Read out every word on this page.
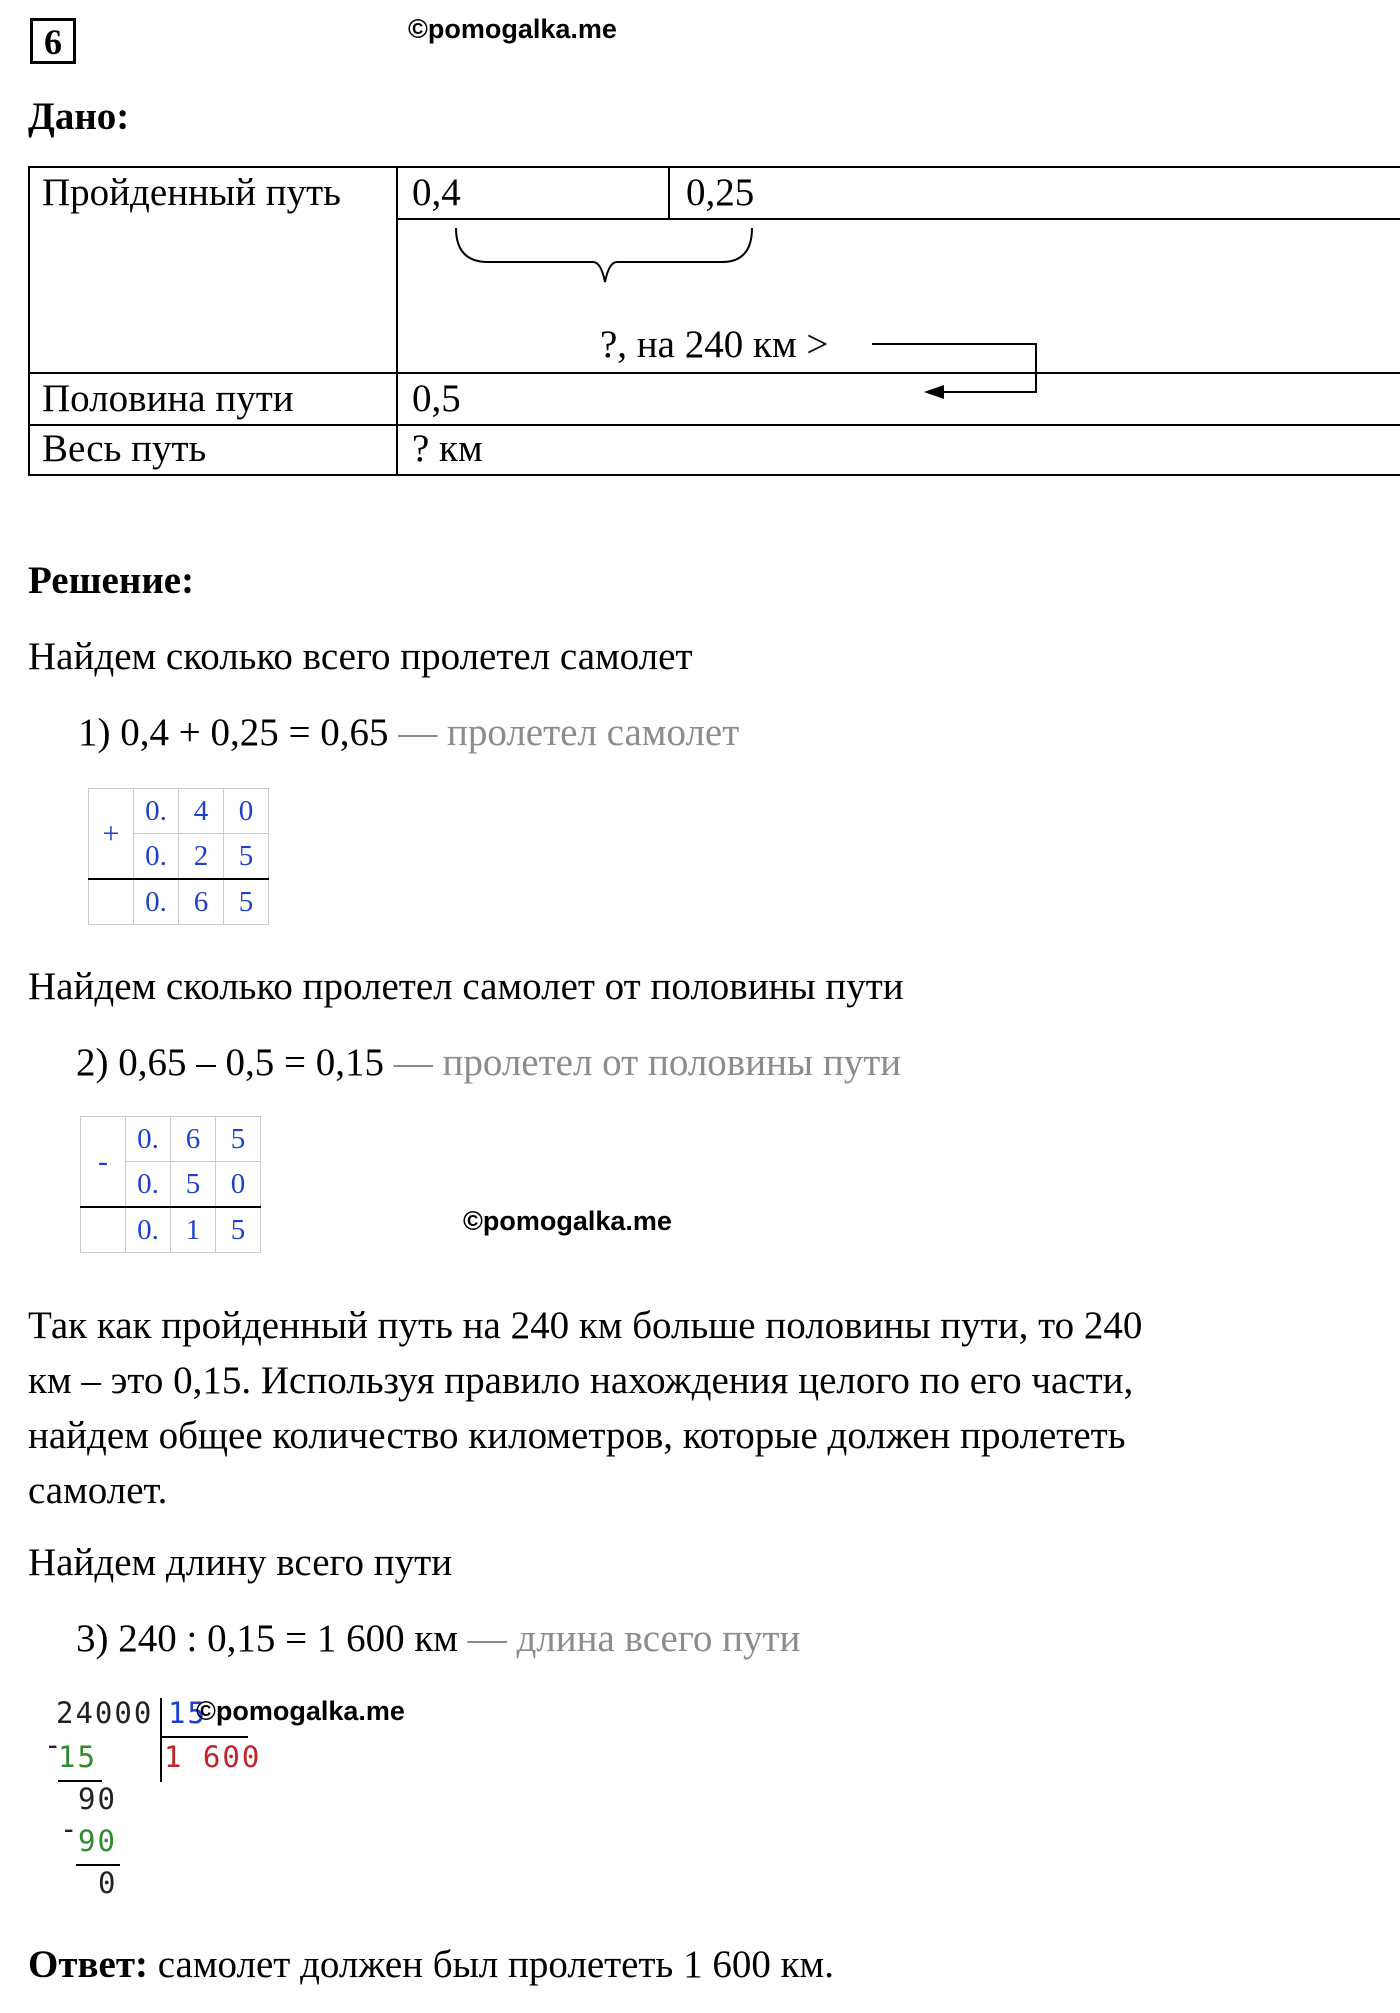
6	©pomogalka.me
Дано:
Пройденный путь 0,4	0,25
?, на 240 км >
Половина пути	0,5
Весь путь	? км
Решение:
Найдем сколько всего пролетел самолет
1) 0,4 + 0,25 = 0,65 — пролетел самолет
+	0.	4	0
	0.	2	5
	0.	6	5
Найдем сколько пролетел самолет от половины пути
2) 0,65 – 0,5 = 0,15 — пролетел от половины пути
-	0.	6	5
	0.	5	0
	0.	1	5	©pomogalka.me
Так как пройденный путь на 240 км больше половины пути, то 240
км – это 0,15. Используя правило нахождения целого по его части,
найдем общее количество километров, которые должен пролететь
самолет.
Найдем длину всего пути
3) 240 : 0,15 = 1 600 км — длина всего пути
24000 15
1 600
-
15
90
-
90
0
©pomogalka.me
Ответ: самолет должен был пролететь 1 600 км.
